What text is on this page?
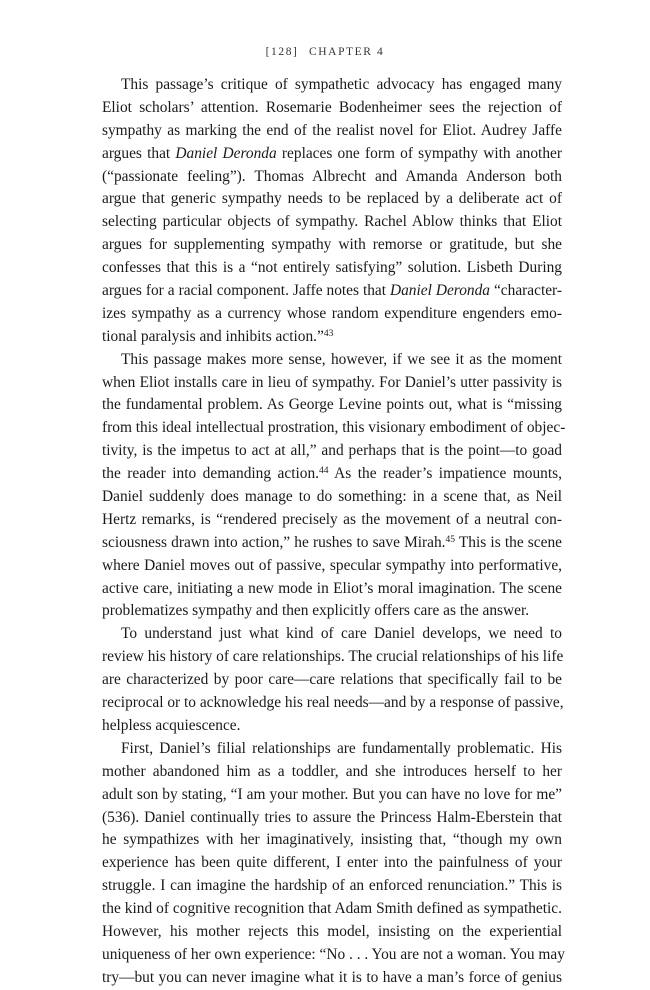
[128] CHAPTER 4
This passage’s critique of sympathetic advocacy has engaged many
Eliot scholars’ attention. Rosemarie Bodenheimer sees the rejection of
sympathy as marking the end of the realist novel for Eliot. Audrey Jaffe
argues that Daniel Deronda replaces one form of sympathy with another
(“passionate feeling”). Thomas Albrecht and Amanda Anderson both
argue that generic sympathy needs to be replaced by a deliberate act of
selecting particular objects of sympathy. Rachel Ablow thinks that Eliot
argues for supplementing sympathy with remorse or gratitude, but she
confesses that this is a “not entirely satisfying” solution. Lisbeth During
argues for a racial component. Jaffe notes that Daniel Deronda “character-
izes sympathy as a currency whose random expenditure engenders emo-
tional paralysis and inhibits action.”$^{43}$
This passage makes more sense, however, if we see it as the moment
when Eliot installs care in lieu of sympathy. For Daniel’s utter passivity is
the fundamental problem. As George Levine points out, what is “missing
from this ideal intellectual prostration, this visionary embodiment of objec-
tivity, is the impetus to act at all,” and perhaps that is the point—to goad
the reader into demanding action.$^{44}$ As the reader’s impatience mounts,
Daniel suddenly does manage to do something: in a scene that, as Neil
Hertz remarks, is “rendered precisely as the movement of a neutral con-
sciousness drawn into action,” he rushes to save Mirah.$^{45}$ This is the scene
where Daniel moves out of passive, specular sympathy into performative,
active care, initiating a new mode in Eliot’s moral imagination. The scene
problematizes sympathy and then explicitly offers care as the answer.
To understand just what kind of care Daniel develops, we need to
review his history of care relationships. The crucial relationships of his life
are characterized by poor care—care relations that specifically fail to be
reciprocal or to acknowledge his real needs—and by a response of passive,
helpless acquiescence.
First, Daniel’s filial relationships are fundamentally problematic. His
mother abandoned him as a toddler, and she introduces herself to her
adult son by stating, “I am your mother. But you can have no love for me”
(536). Daniel continually tries to assure the Princess Halm-Eberstein that
he sympathizes with her imaginatively, insisting that, “though my own
experience has been quite different, I enter into the painfulness of your
struggle. I can imagine the hardship of an enforced renunciation.” This is
the kind of cognitive recognition that Adam Smith defined as sympathetic.
However, his mother rejects this model, insisting on the experiential
uniqueness of her own experience: “No . . . You are not a woman. You may
try—but you can never imagine what it is to have a man’s force of genius
